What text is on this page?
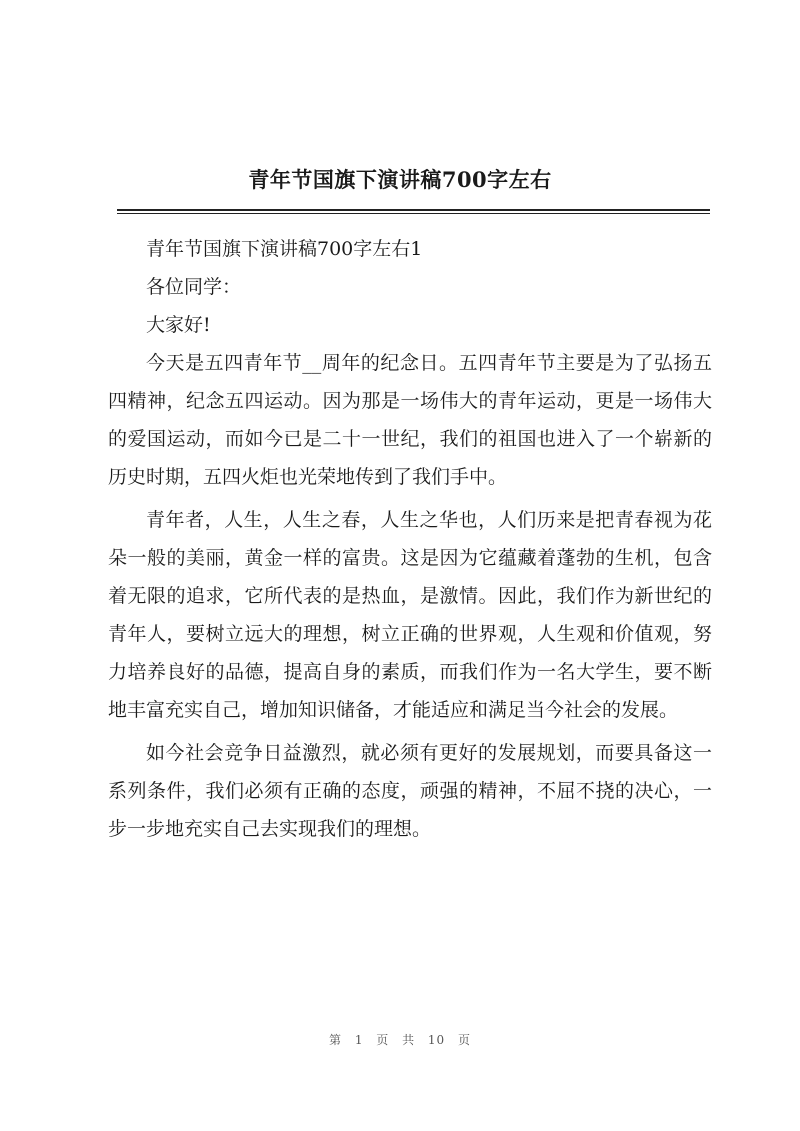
青年节国旗下演讲稿700字左右

青年节国旗下演讲稿700字左右1

各位同学：

大家好!

今天是五四青年节__周年的纪念日。五四青年节主要是为了弘扬五四精神，纪念五四运动。因为那是一场伟大的青年运动，更是一场伟大的爱国运动，而如今已是二十一世纪，我们的祖国也进入了一个崭新的历史时期，五四火炬也光荣地传到了我们手中。

青年者，人生，人生之春，人生之华也，人们历来是把青春视为花朵一般的美丽，黄金一样的富贵。这是因为它蕴藏着蓬勃的生机，包含着无限的追求，它所代表的是热血，是激情。因此，我们作为新世纪的青年人，要树立远大的理想，树立正确的世界观，人生观和价值观，努力培养良好的品德，提高自身的素质，而我们作为一名大学生，要不断地丰富充实自己，增加知识储备，才能适应和满足当今社会的发展。

如今社会竞争日益激烈，就必须有更好的发展规划，而要具备这一系列条件，我们必须有正确的态度，顽强的精神，不屈不挠的决心，一步一步地充实自己去实现我们的理想。

第 1 页 共 10 页
